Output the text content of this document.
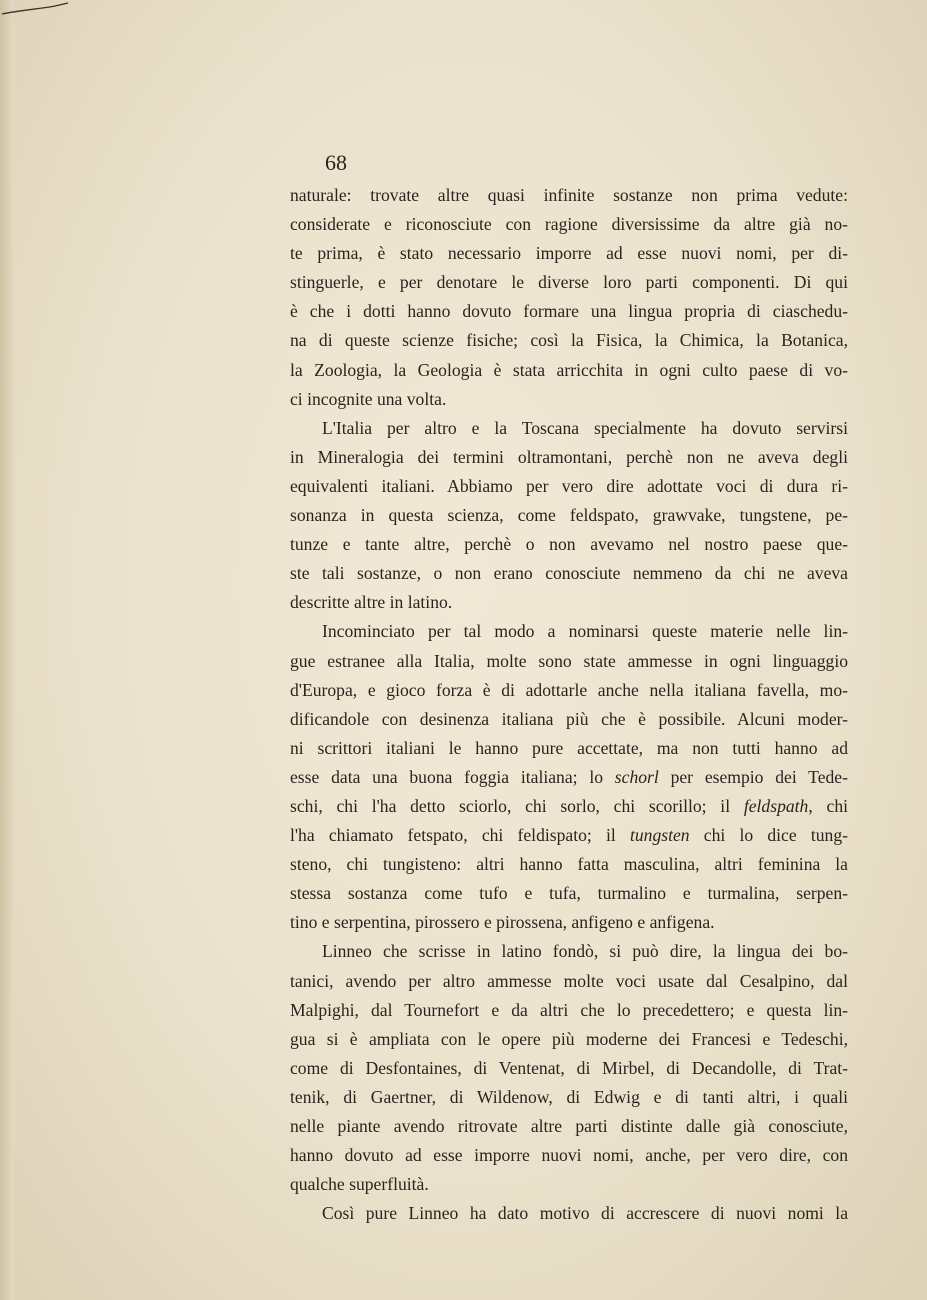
68
naturale: trovate altre quasi infinite sostanze non prima vedute:
considerate e riconosciute con ragione diversissime da altre già no-
te prima, è stato necessario imporre ad esse nuovi nomi, per di-
stinguerle, e per denotare le diverse loro parti componenti. Di qui
è che i dotti hanno dovuto formare una lingua propria di ciaschedu-
na di queste scienze fisiche; così la Fisica, la Chimica, la Botanica,
la Zoologia, la Geologia è stata arricchita in ogni culto paese di vo-
ci incognite una volta.
L'Italia per altro e la Toscana specialmente ha dovuto servirsi
in Mineralogia dei termini oltramontani, perchè non ne aveva degli
equivalenti italiani. Abbiamo per vero dire adottate voci di dura ri-
sonanza in questa scienza, come feldspato, grawvake, tungstene, pe-
tunze e tante altre, perchè o non avevamo nel nostro paese que-
ste tali sostanze, o non erano conosciute nemmeno da chi ne aveva
descritte altre in latino.
Incominciato per tal modo a nominarsi queste materie nelle lin-
gue estranee alla Italia, molte sono state ammesse in ogni linguaggio
d'Europa, e gioco forza è di adottarle anche nella italiana favella, mo-
dificandole con desinenza italiana più che è possibile. Alcuni moder-
ni scrittori italiani le hanno pure accettate, ma non tutti hanno ad
esse data una buona foggia italiana; lo schorl per esempio dei Tede-
schi, chi l'ha detto sciorlo, chi sorlo, chi scorillo; il feldspath, chi
l'ha chiamato fetspato, chi feldispato; il tungsten chi lo dice tung-
steno, chi tungisteno: altri hanno fatta masculina, altri feminina la
stessa sostanza come tufo e tufa, turmalino e turmalina, serpen-
tino e serpentina, pirossero e pirossena, anfigeno e anfigena.
Linneo che scrisse in latino fondò, si può dire, la lingua dei bo-
tanici, avendo per altro ammesse molte voci usate dal Cesalpino, dal
Malpighi, dal Tournefort e da altri che lo precedettero; e questa lin-
gua si è ampliata con le opere più moderne dei Francesi e Tedeschi,
come di Desfontaines, di Ventenat, di Mirbel, di Decandolle, di Trat-
tenik, di Gaertner, di Wildenow, di Edwig e di tanti altri, i quali
nelle piante avendo ritrovate altre parti distinte dalle già conosciute,
hanno dovuto ad esse imporre nuovi nomi, anche, per vero dire, con
qualche superfluità.
Così pure Linneo ha dato motivo di accrescere di nuovi nomi la
